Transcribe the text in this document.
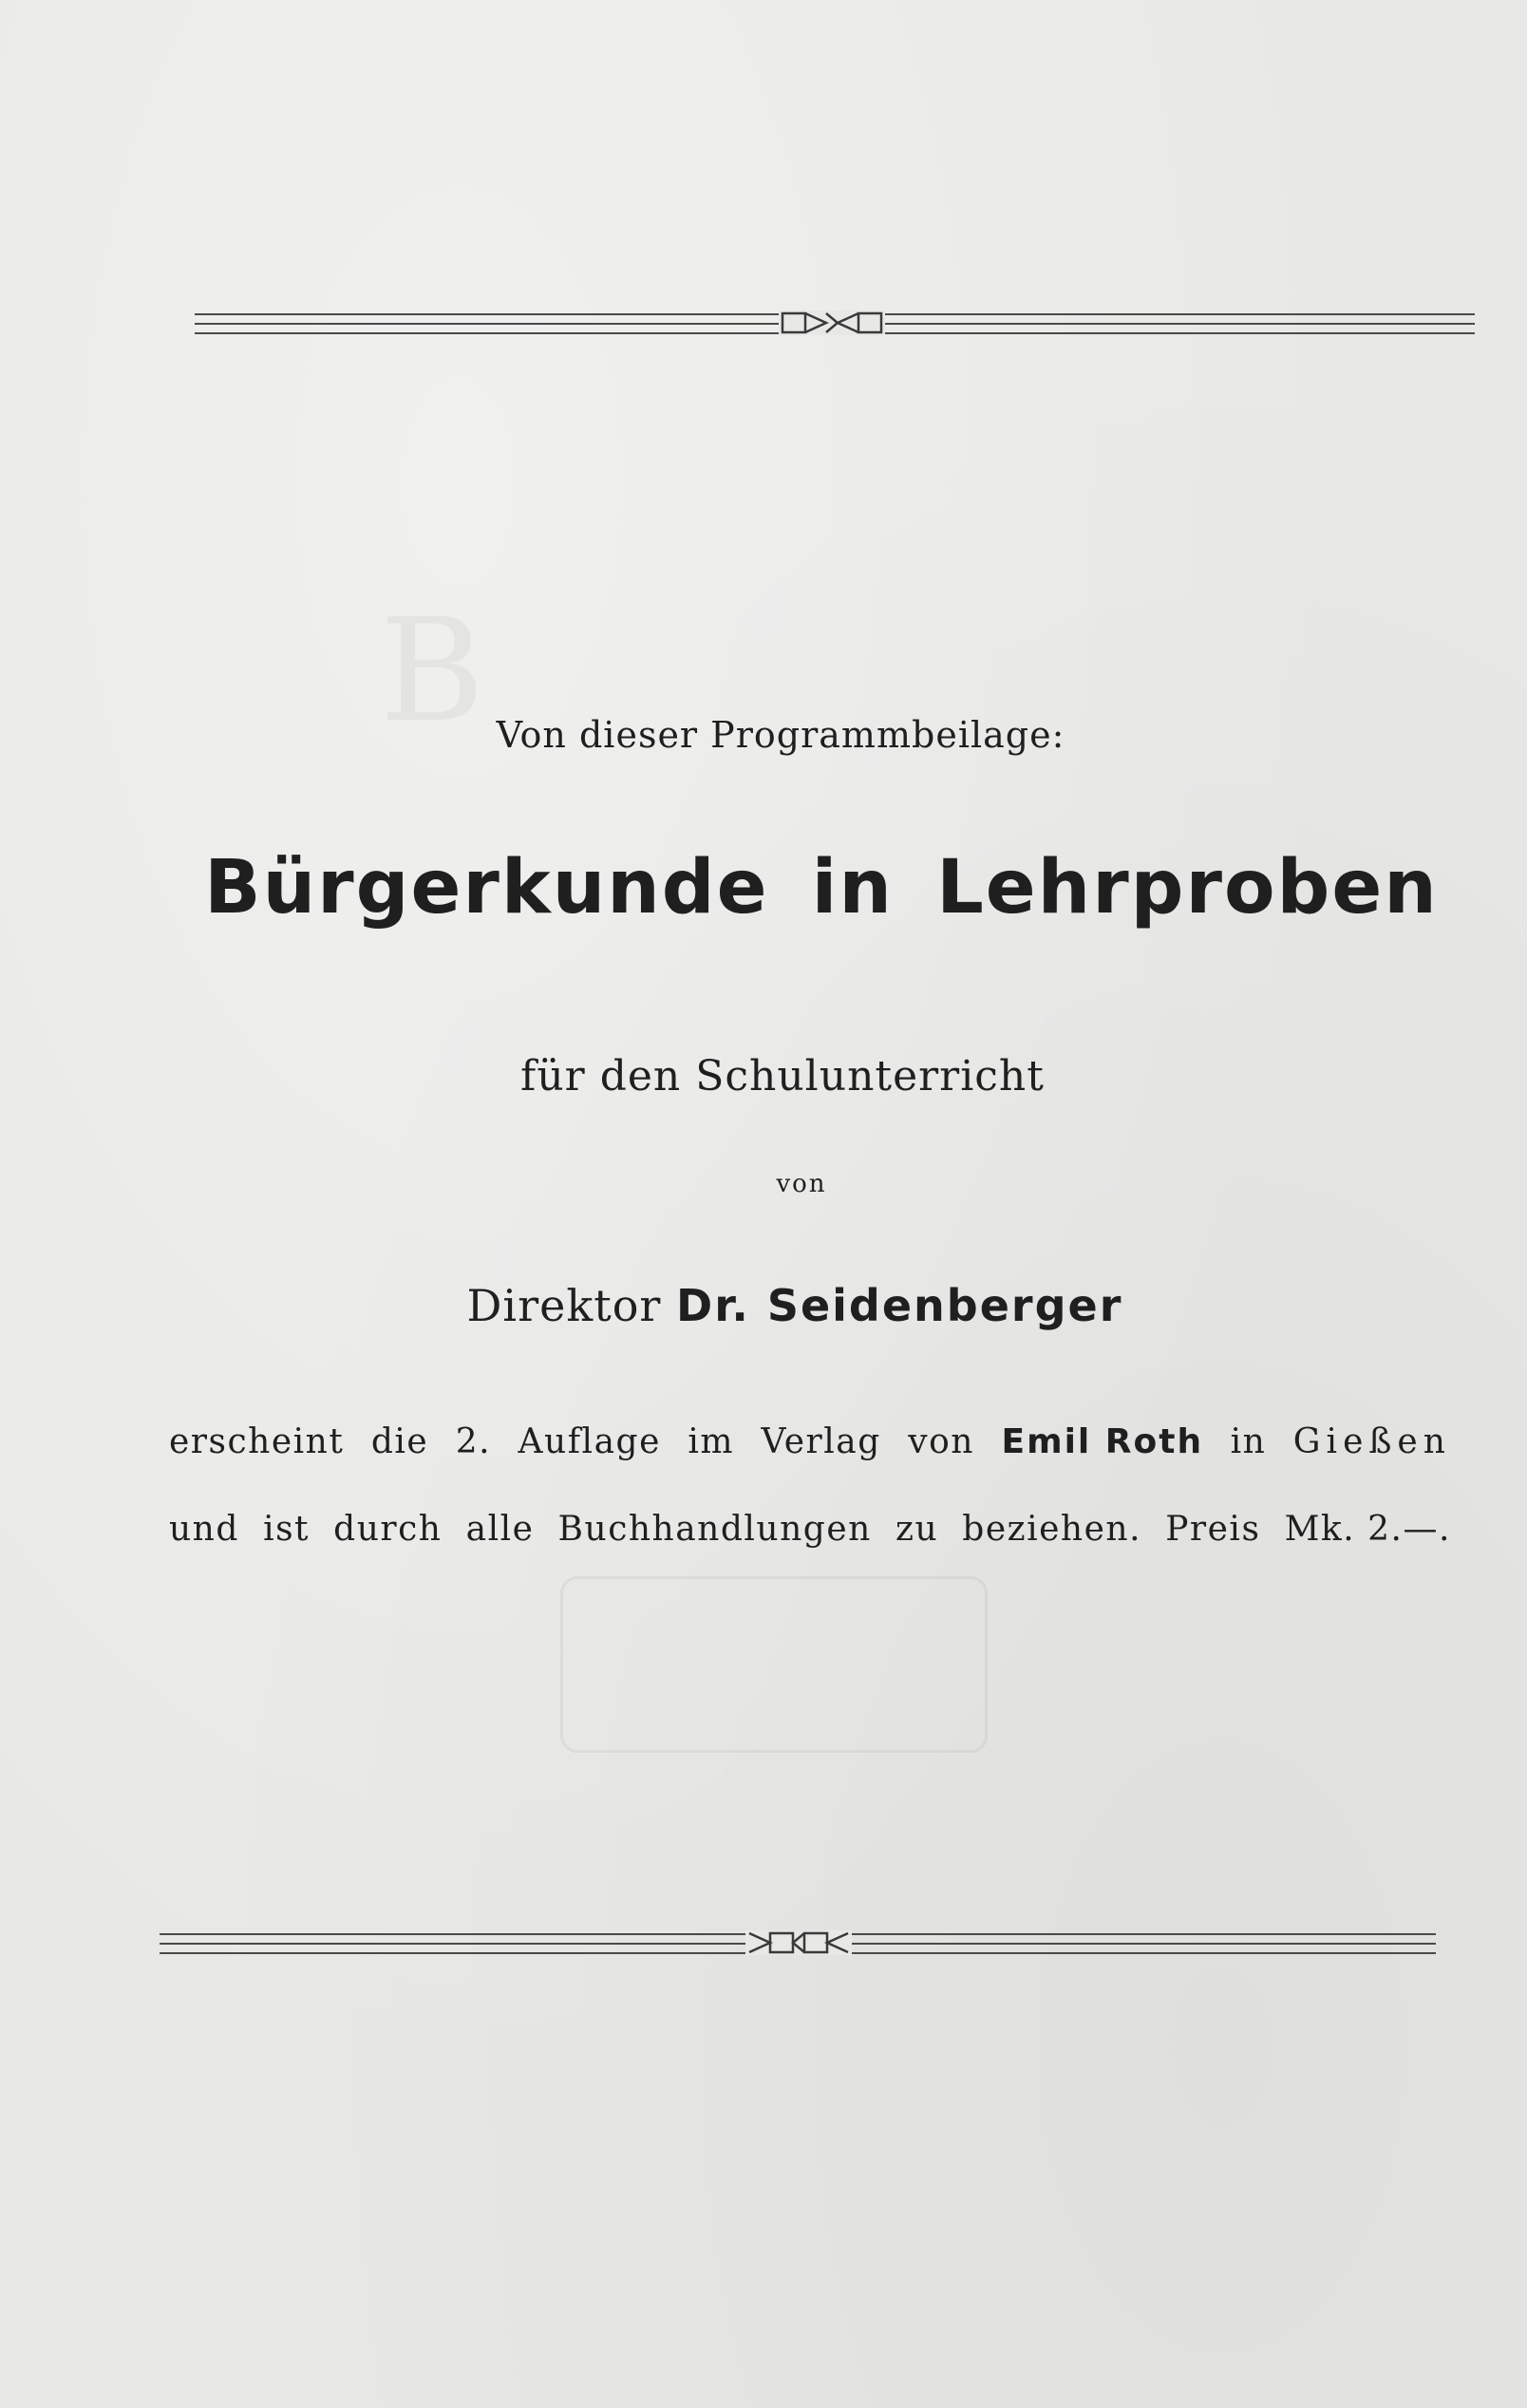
B Von dieser Programmbeilage:
Bürgerkunde in Lehrproben
für den Schulunterricht
von
Direktor Dr. Seidenberger
erscheint die 2. Auflage im Verlag von Emil Roth in Gießen
und ist durch alle Buchhandlungen zu beziehen. Preis Mk. 2.—.
